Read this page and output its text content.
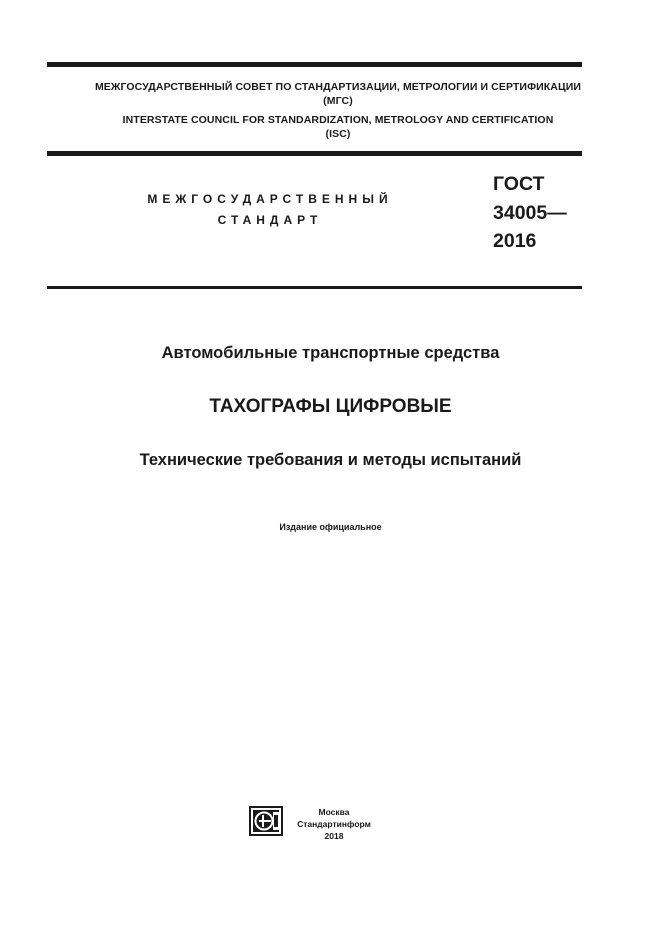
МЕЖГОСУДАРСТВЕННЫЙ СОВЕТ ПО СТАНДАРТИЗАЦИИ, МЕТРОЛОГИИ И СЕРТИФИКАЦИИ
(МГС)
INTERSTATE COUNCIL FOR STANDARDIZATION, METROLOGY AND CERTIFICATION
(ISC)
МЕЖГОСУДАРСТВЕННЫЙ
СТАНДАРТ
ГОСТ
34005—
2016
Автомобильные транспортные средства
ТАХОГРАФЫ ЦИФРОВЫЕ
Технические требования и методы испытаний
Издание официальное
Москва
Стандартинформ
2018
